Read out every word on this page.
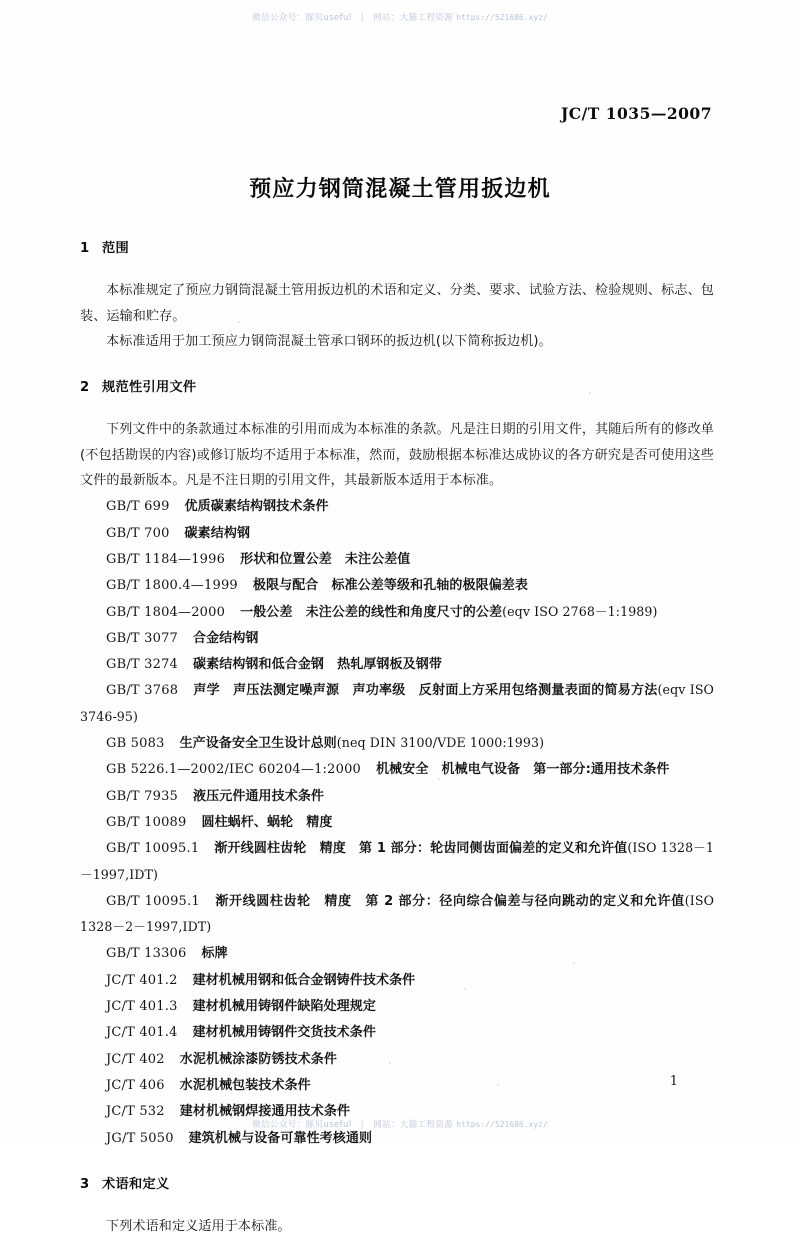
微信公众号：豚贝useful | 网站：大猫工程资源 https://521686.xyz/
JC/T 1035—2007
预应力钢筒混凝土管用扳边机
1 范围

本标准规定了预应力钢筒混凝土管用扳边机的术语和定义、分类、要求、试验方法、检验规则、标志、包装、运输和贮存。

本标准适用于加工预应力钢筒混凝土管承口钢环的扳边机(以下简称扳边机)。

2 规范性引用文件

下列文件中的条款通过本标准的引用而成为本标准的条款。凡是注日期的引用文件，其随后所有的修改单(不包括勘误的内容)或修订版均不适用于本标准，然而，鼓励根据本标准达成协议的各方研究是否可使用这些文件的最新版本。凡是不注日期的引用文件，其最新版本适用于本标准。

GB/T 699 优质碳素结构钢技术条件
GB/T 700 碳素结构钢
GB/T 1184—1996 形状和位置公差　未注公差值
GB/T 1800.4—1999 极限与配合　标准公差等级和孔轴的极限偏差表
GB/T 1804—2000 一般公差　未注公差的线性和角度尺寸的公差(eqv ISO 2768－1:1989)
GB/T 3077 合金结构钢
GB/T 3274 碳素结构钢和低合金钢　热轧厚钢板及钢带
GB/T 3768 声学　声压法测定噪声源　声功率级　反射面上方采用包络测量表面的简易方法(eqv ISO 3746-95)
GB 5083 生产设备安全卫生设计总则(neq DIN 3100/VDE 1000:1993)
GB 5226.1—2002/IEC 60204—1:2000 机械安全　机械电气设备　第一部分:通用技术条件
GB/T 7935 液压元件通用技术条件
GB/T 10089 圆柱蜗杆、蜗轮　精度
GB/T 10095.1 渐开线圆柱齿轮　精度　第 1 部分：轮齿同侧齿面偏差的定义和允许值(ISO 1328－1－1997,IDT)
GB/T 10095.1 渐开线圆柱齿轮　精度　第 2 部分：径向综合偏差与径向跳动的定义和允许值(ISO 1328－2－1997,IDT)
GB/T 13306 标牌
JC/T 401.2 建材机械用钢和低合金钢铸件技术条件
JC/T 401.3 建材机械用铸钢件缺陷处理规定
JC/T 401.4 建材机械用铸钢件交货技术条件
JC/T 402 水泥机械涂漆防锈技术条件
JC/T 406 水泥机械包装技术条件
JC/T 532 建材机械钢焊接通用技术条件
JG/T 5050 建筑机械与设备可靠性考核通则
3 术语和定义

下列术语和定义适用于本标准。

1
微信公众号：豚贝useful | 网站：大猫工程资源 https://521686.xyz/
